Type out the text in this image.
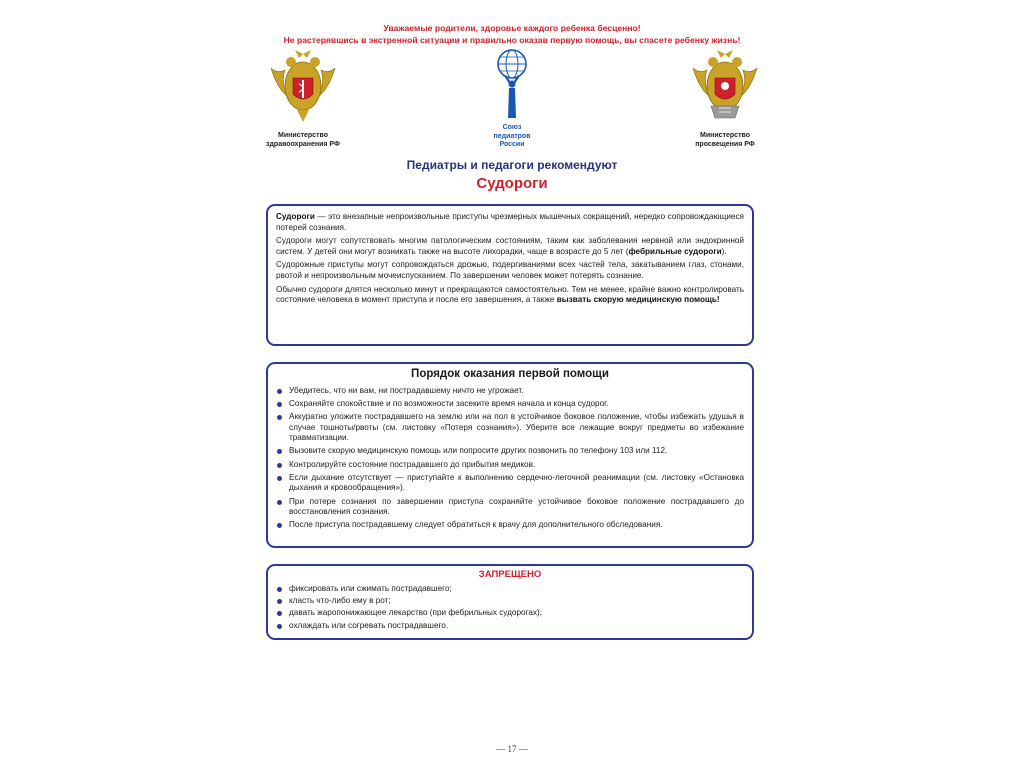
Уважаемые родители, здоровье каждого ребенка бесценно!
Не растерявшись в экстренной ситуации и правильно оказав первую помощь, вы спасете ребенку жизнь!
Министерство
здравоохранения РФ
Союз
педиатров
России
Министерство
просвещения РФ
Педиатры и педагоги рекомендуют
Судороги

Судороги — это внезапные непроизвольные приступы чрезмерных мышечных сокращений, нередко сопровождающиеся потерей сознания.

Судороги могут сопутствовать многим патологическим состояниям, таким как заболевания нервной или эндокринной систем. У детей они могут возникать также на высоте лихорадки, чаще в возрасте до 5 лет (фебрильные судороги).

Судорожные приступы могут сопровождаться дрожью, подергиваниями всех частей тела, закатыванием глаз, стонами, рвотой и непроизвольным мочеиспусканием. По завершении человек может потерять сознание.

Обычно судороги длятся несколько минут и прекращаются самостоятельно. Тем не менее, крайне важно контролировать состояние человека в момент приступа и после его завершения, а также вызвать скорую медицинскую помощь!

Порядок оказания первой помощи
Убедитесь, что ни вам, ни пострадавшему ничто не угрожает.
Сохраняйте спокойствие и по возможности засеките время начала и конца судорог.
Аккуратно уложите пострадавшего на землю или на пол в устойчивое боковое положение, чтобы избежать удушья в случае тошноты/рвоты (см. листовку «Потеря сознания»). Уберите все лежащие вокруг предметы во избежание травматизации.
Вызовите скорую медицинскую помощь или попросите других позвонить по телефону 103 или 112.
Контролируйте состояние пострадавшего до прибытия медиков.
Если дыхание отсутствует — приступайте к выполнению сердечно-легочной реанимации (см. листовку «Остановка дыхания и кровообращения»).
При потере сознания по завершении приступа сохраняйте устойчивое боковое положение пострадавшего до восстановления сознания.
После приступа пострадавшему следует обратиться к врачу для дополнительного обследования.
ЗАПРЕЩЕНО
фиксировать или сжимать пострадавшего;
класть что-либо ему в рот;
давать жаропонижающее лекарство (при фебрильных судорогах);
охлаждать или согревать пострадавшего.
— 17 —
